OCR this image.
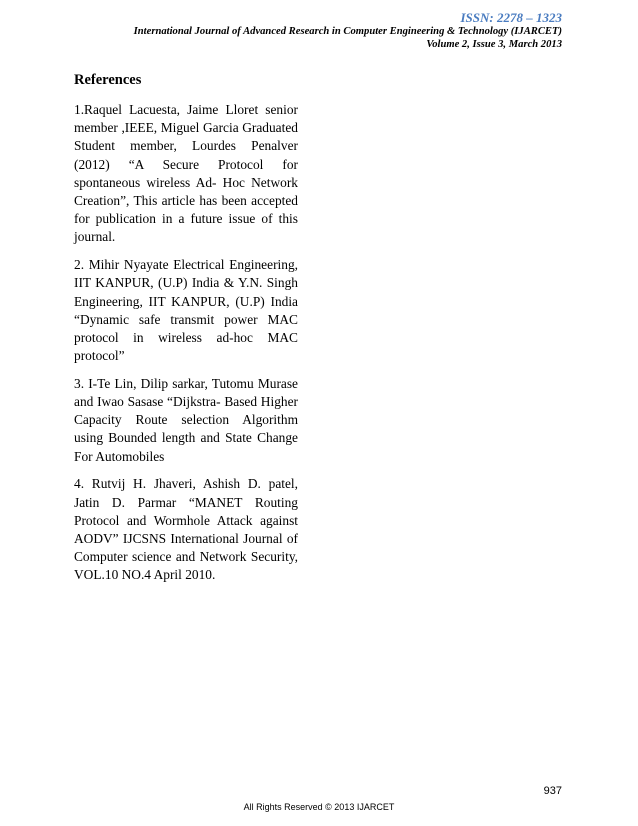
ISSN: 2278 – 1323
International Journal of Advanced Research in Computer Engineering & Technology (IJARCET)
Volume 2, Issue 3, March 2013
References

1.Raquel Lacuesta, Jaime Lloret senior member ,IEEE, Miguel Garcia Graduated Student member, Lourdes Penalver (2012) “A Secure Protocol for spontaneous wireless Ad- Hoc Network Creation”, This article has been accepted for publication in a future issue of this journal.

2. Mihir Nyayate Electrical Engineering, IIT KANPUR, (U.P) India & Y.N. Singh Engineering, IIT KANPUR, (U.P) India “Dynamic safe transmit power MAC protocol in wireless ad-hoc MAC protocol”

3. I-Te Lin, Dilip sarkar, Tutomu Murase and Iwao Sasase “Dijkstra- Based Higher Capacity Route selection Algorithm using Bounded length and State Change For Automobiles

4. Rutvij H. Jhaveri, Ashish D. patel, Jatin D. Parmar “MANET Routing Protocol and Wormhole Attack against AODV” IJCSNS International Journal of Computer science and Network Security, VOL.10 NO.4 April 2010.

937
All Rights Reserved © 2013 IJARCET
